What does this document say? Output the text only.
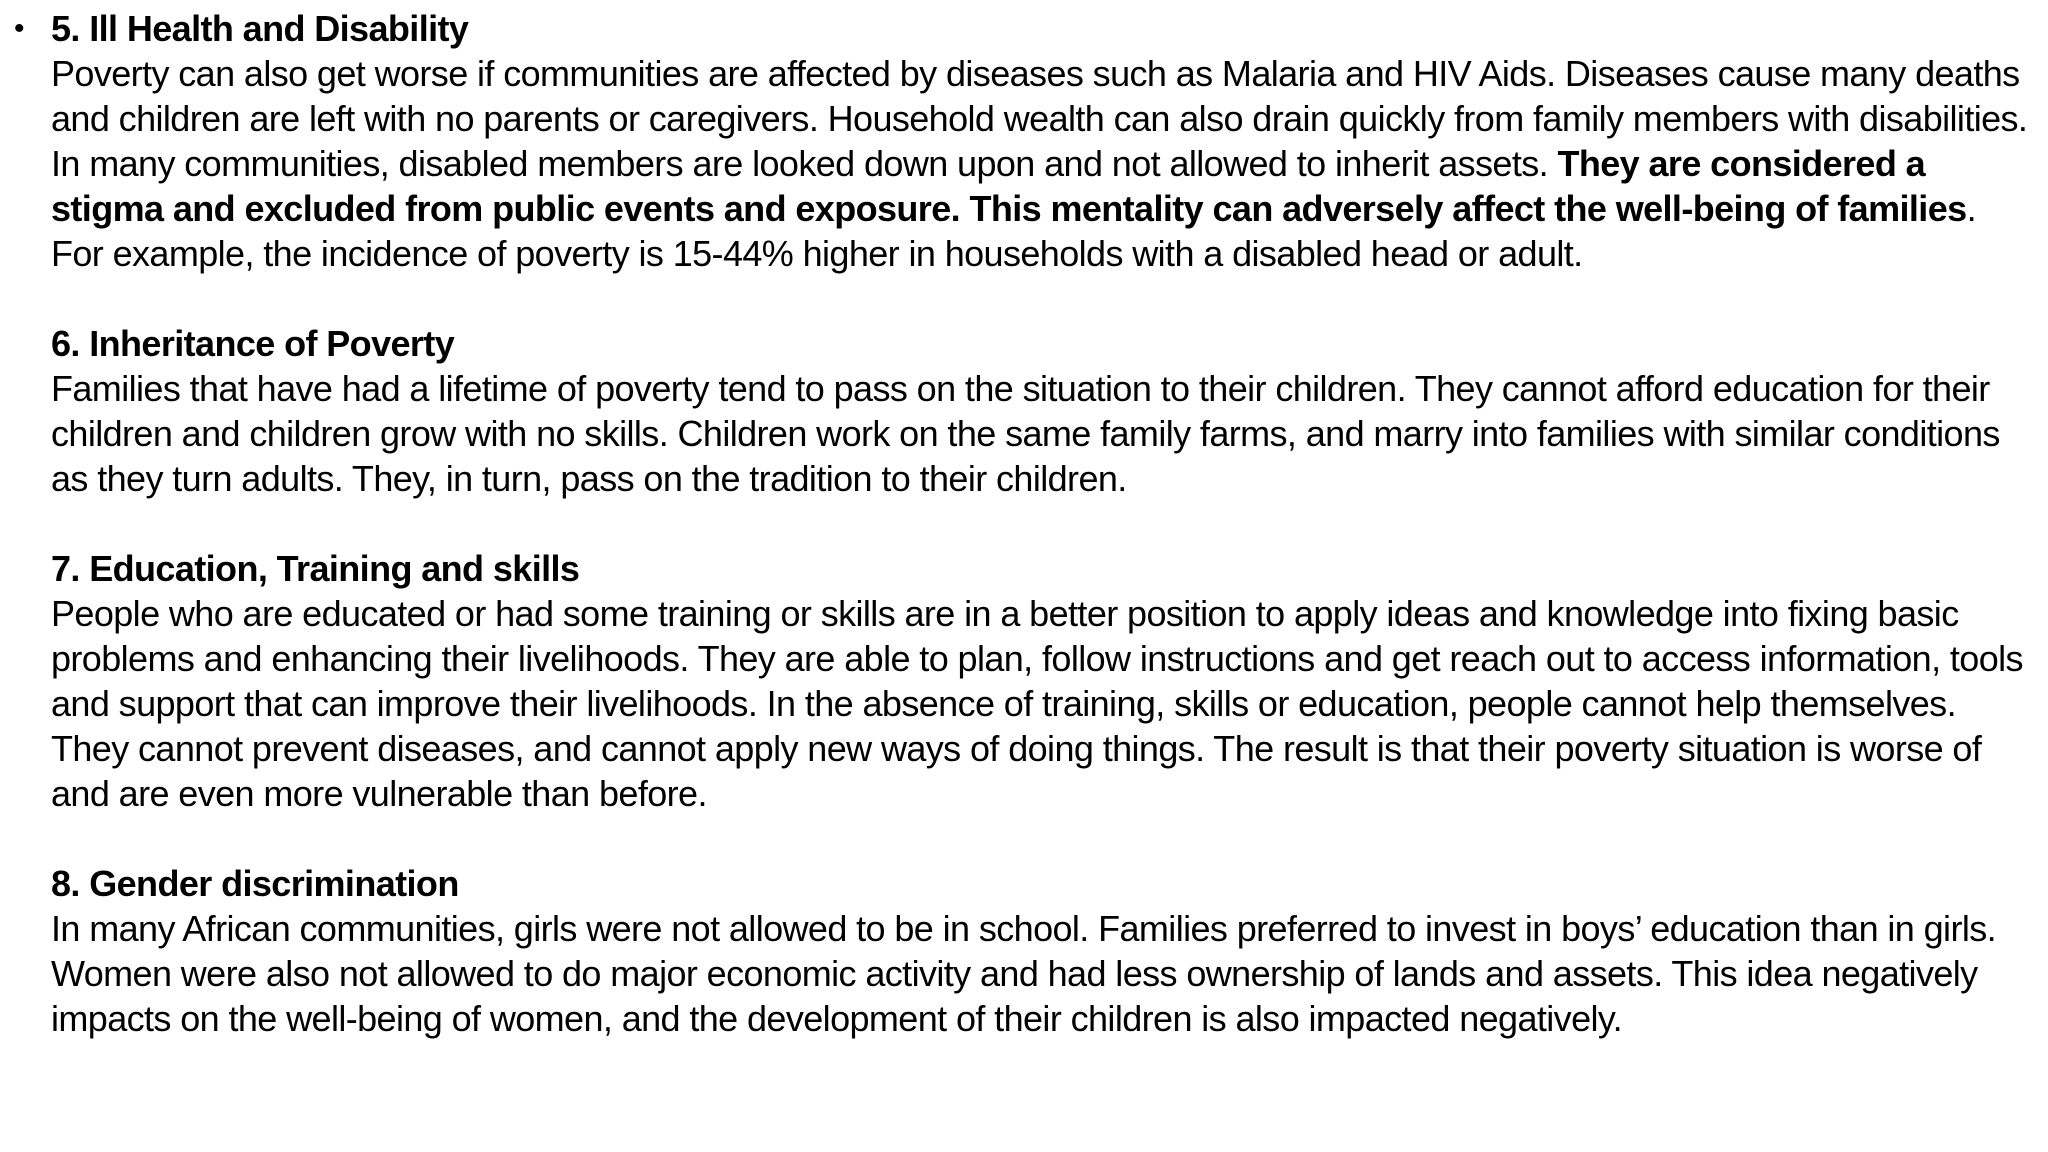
• 5. Ill Health and Disability
Poverty can also get worse if communities are affected by diseases such as Malaria and HIV Aids. Diseases cause many deaths and children are left with no parents or caregivers. Household wealth can also drain quickly from family members with disabilities. In many communities, disabled members are looked down upon and not allowed to inherit assets. They are considered a stigma and excluded from public events and exposure. This mentality can adversely affect the well-being of families. For example, the incidence of poverty is 15-44% higher in households with a disabled head or adult.
6. Inheritance of Poverty
Families that have had a lifetime of poverty tend to pass on the situation to their children. They cannot afford education for their children and children grow with no skills. Children work on the same family farms, and marry into families with similar conditions as they turn adults. They, in turn, pass on the tradition to their children.
7. Education, Training and skills
People who are educated or had some training or skills are in a better position to apply ideas and knowledge into fixing basic problems and enhancing their livelihoods. They are able to plan, follow instructions and get reach out to access information, tools and support that can improve their livelihoods. In the absence of training, skills or education, people cannot help themselves. They cannot prevent diseases, and cannot apply new ways of doing things. The result is that their poverty situation is worse of and are even more vulnerable than before.
8. Gender discrimination
In many African communities, girls were not allowed to be in school. Families preferred to invest in boys’ education than in girls. Women were also not allowed to do major economic activity and had less ownership of lands and assets. This idea negatively impacts on the well-being of women, and the development of their children is also impacted negatively.
